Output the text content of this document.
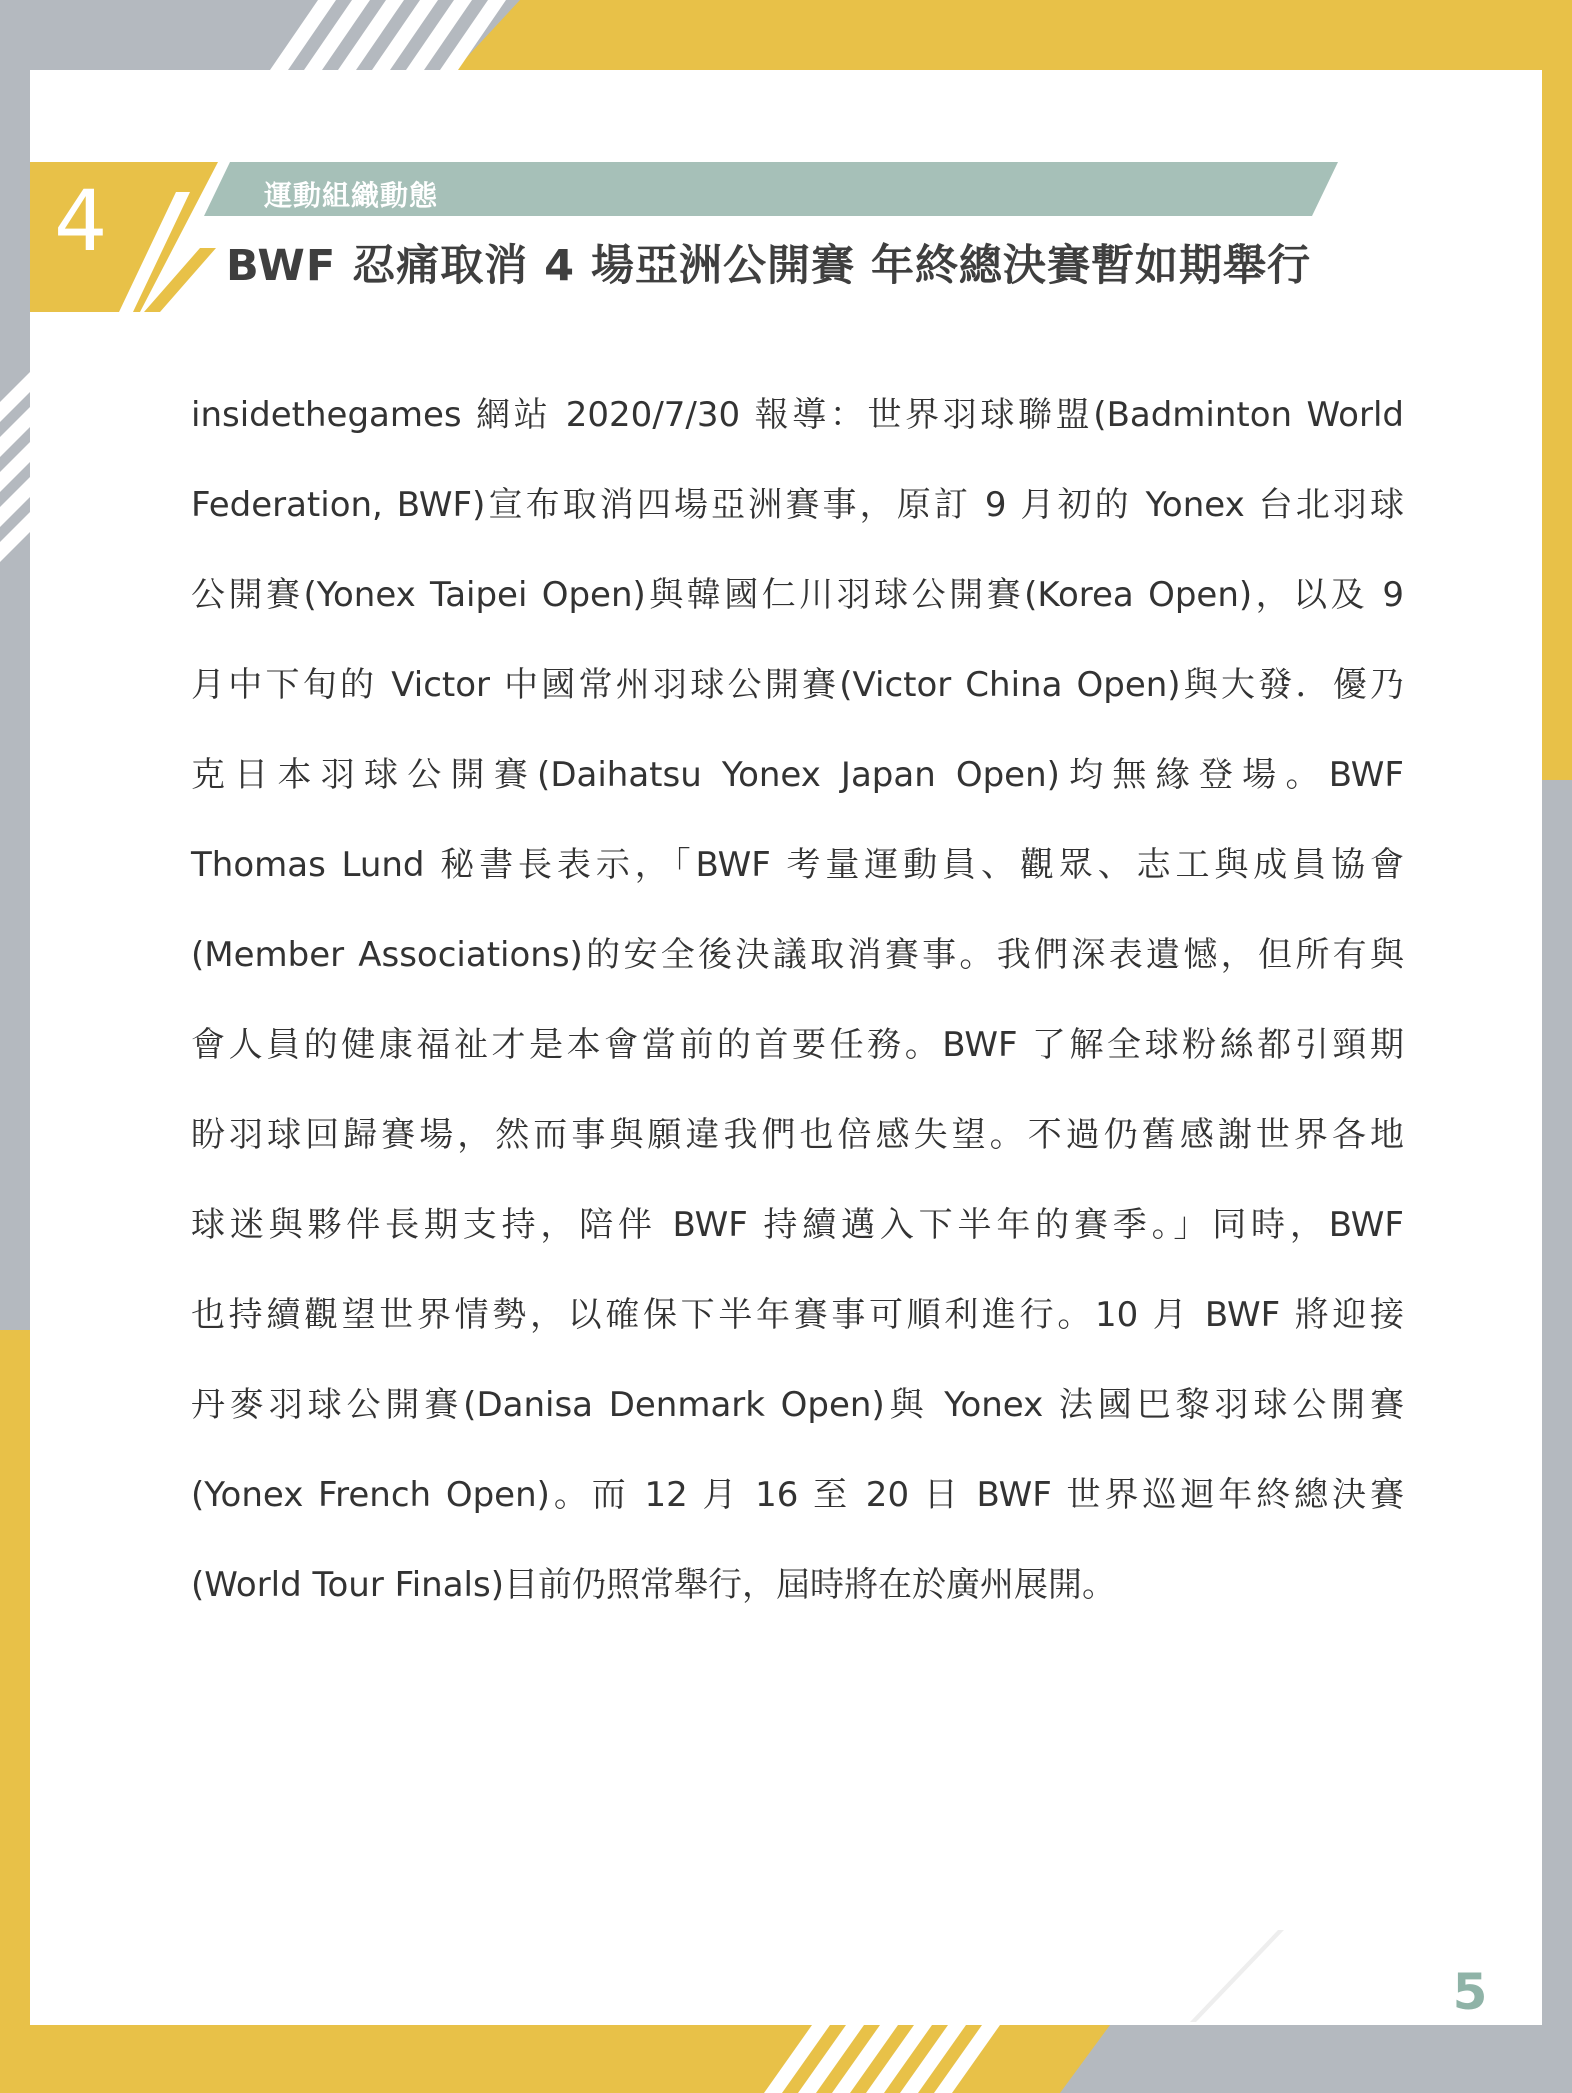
4	運動組織動態
BWF 忍痛取消 4 場亞洲公開賽 年終總決賽暫如期舉行
insidethegames 網站 2020/7/30 報導：世界羽球聯盟(Badminton World
Federation, BWF)宣布取消四場亞洲賽事，原訂 9 月初的 Yonex 台北羽球
公開賽(Yonex Taipei Open)與韓國仁川羽球公開賽(Korea Open)，以及 9
月中下旬的 Victor 中國常州羽球公開賽(Victor China Open)與大發．優乃
克日本羽球公開賽(Daihatsu Yonex Japan Open)均無緣登場。BWF
Thomas Lund 秘書長表示，「BWF 考量運動員、觀眾、志工與成員協會
(Member Associations)的安全後決議取消賽事。我們深表遺憾，但所有與
會人員的健康福祉才是本會當前的首要任務。BWF 了解全球粉絲都引頸期
盼羽球回歸賽場，然而事與願違我們也倍感失望。不過仍舊感謝世界各地
球迷與夥伴長期支持，陪伴 BWF 持續邁入下半年的賽季。」同時，BWF
也持續觀望世界情勢，以確保下半年賽事可順利進行。10 月 BWF 將迎接
丹麥羽球公開賽(Danisa Denmark Open)與 Yonex 法國巴黎羽球公開賽
(Yonex French Open)。而 12 月 16 至 20 日 BWF 世界巡迴年終總決賽
(World Tour Finals)目前仍照常舉行，屆時將在於廣州展開。
5
